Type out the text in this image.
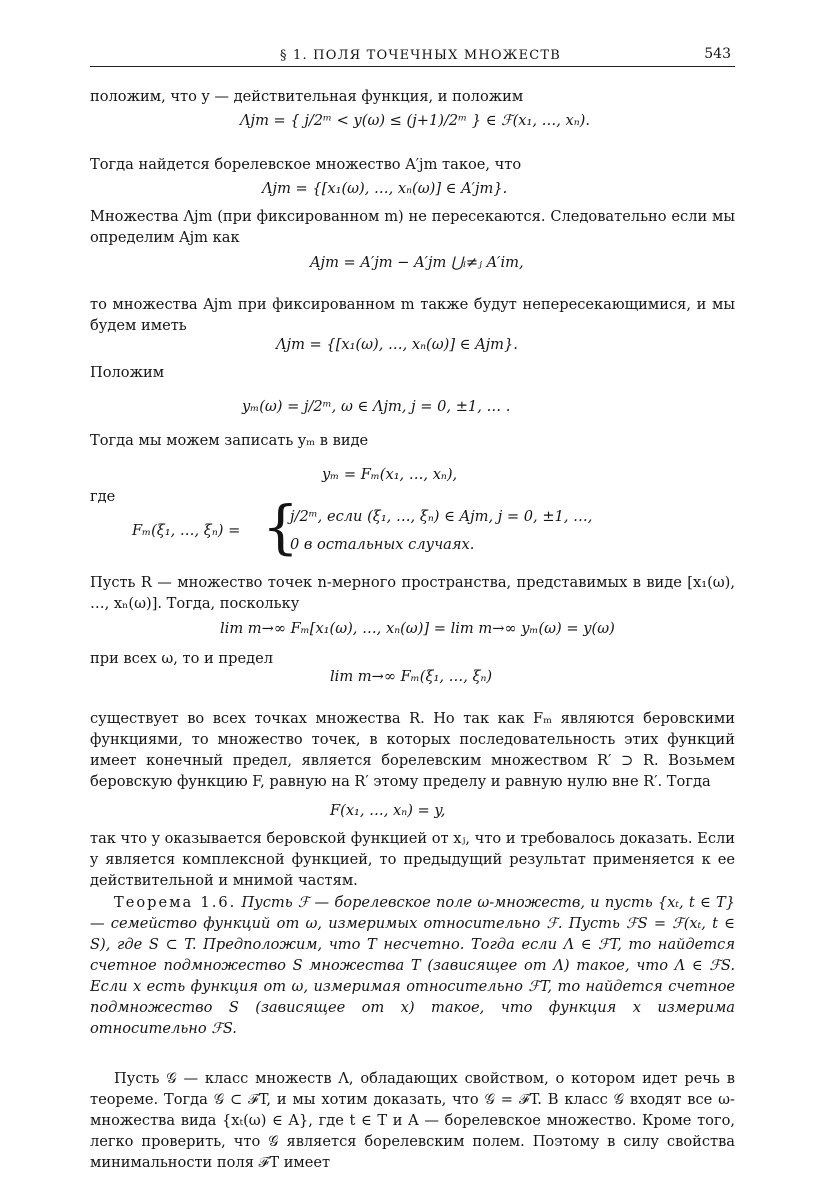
§ 1. ПОЛЯ ТОЧЕЧНЫХ МНОЖЕСТВ	543

положим, что y — действительная функция, и положим

Λjm = { j/2ᵐ < y(ω) ≤ (j+1)/2ᵐ } ∈ ℱ(x₁, …, xₙ).

Тогда найдется борелевское множество A′jm такое, что

Λjm = {[x₁(ω), …, xₙ(ω)] ∈ A′jm}.

Множества Λjm (при фиксированном m) не пересекаются. Следовательно если мы определим Ajm как

Ajm = A′jm − A′jm ⋃ᵢ≠ⱼ A′im,

то множества Ajm при фиксированном m также будут непересекающимися, и мы будем иметь

Λjm = {[x₁(ω), …, xₙ(ω)] ∈ Ajm}.

Положим

yₘ(ω) = j/2ᵐ, ω ∈ Λjm, j = 0, ±1, … .

Тогда мы можем записать yₘ в виде

yₘ = Fₘ(x₁, …, xₙ),

где

Fₘ(ξ₁, …, ξₙ) = {
j/2ᵐ, если (ξ₁, …, ξₙ) ∈ Ajm, j = 0, ±1, …,
0 в остальных случаях.

Пусть R — множество точек n-мерного пространства, представимых в виде [x₁(ω), …, xₙ(ω)]. Тогда, поскольку

lim m→∞ Fₘ[x₁(ω), …, xₙ(ω)] = lim m→∞ yₘ(ω) = y(ω)

при всех ω, то и предел

lim m→∞ Fₘ(ξ₁, …, ξₙ)

существует во всех точках множества R. Но так как Fₘ являются беровскими функциями, то множество точек, в которых последовательность этих функций имеет конечный предел, является борелевским множеством R′ ⊃ R. Возьмем беровскую функцию F, равную на R′ этому пределу и равную нулю вне R′. Тогда

F(x₁, …, xₙ) = y,

так что y оказывается беровской функцией от xⱼ, что и требовалось доказать. Если y является комплексной функцией, то предыдущий результат применяется к ее действительной и мнимой частям.

Теорема 1.6. Пусть ℱ — борелевское поле ω-множеств, и пусть {xₜ, t ∈ T} — семейство функций от ω, измеримых относительно ℱ. Пусть ℱS = ℱ(xₜ, t ∈ S), где S ⊂ T. Предположим, что T несчетно. Тогда если Λ ∈ ℱT, то найдется счетное подмножество S множества T (зависящее от Λ) такое, что Λ ∈ ℱS. Если x есть функция от ω, измеримая относительно ℱT, то найдется счетное подмножество S (зависящее от x) такое, что функция x измерима относительно ℱS.

Пусть 𝒢 — класс множеств Λ, обладающих свойством, о котором идет речь в теореме. Тогда 𝒢 ⊂ ℱT, и мы хотим доказать, что 𝒢 = ℱT. В класс 𝒢 входят все ω-множества вида {xₜ(ω) ∈ A}, где t ∈ T и A — борелевское множество. Кроме того, легко проверить, что 𝒢 является борелевским полем. Поэтому в силу свойства минимальности поля ℱT имеет
